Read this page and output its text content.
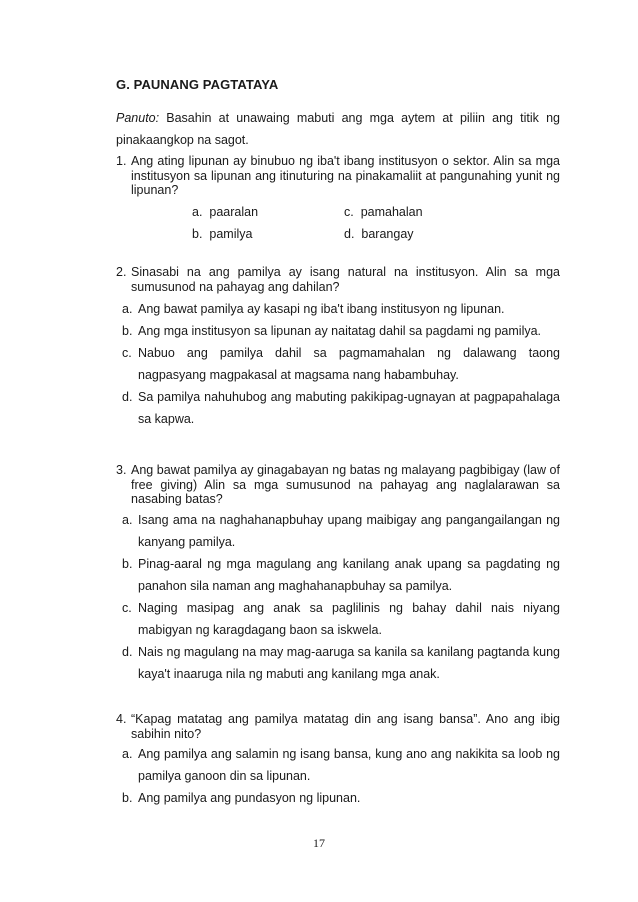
G. PAUNANG PAGTATAYA
Panuto: Basahin at unawaing mabuti ang mga aytem at piliin ang titik ng pinakaangkop na sagot.
1. Ang ating lipunan ay binubuo ng iba't ibang institusyon o sektor. Alin sa mga institusyon sa lipunan ang itinuturing na pinakamaliit at pangunahing yunit ng lipunan?
a. paaralan	c. pamahalan
b. pamilya	d. barangay
2. Sinasabi na ang pamilya ay isang natural na institusyon. Alin sa mga sumusunod na pahayag ang dahilan?
a. Ang bawat pamilya ay kasapi ng iba't ibang institusyon ng lipunan.
b. Ang mga institusyon sa lipunan ay naitatag dahil sa pagdami ng pamilya.
c. Nabuo ang pamilya dahil sa pagmamahalan ng dalawang taong nagpasyang magpakasal at magsama nang habambuhay.
d. Sa pamilya nahuhubog ang mabuting pakikipag-ugnayan at pagpapahalaga sa kapwa.
3. Ang bawat pamilya ay ginagabayan ng batas ng malayang pagbibigay (law of free giving) Alin sa mga sumusunod na pahayag ang naglalarawan sa nasabing batas?
a. Isang ama na naghahanapbuhay upang maibigay ang pangangailangan ng kanyang pamilya.
b. Pinag-aaral ng mga magulang ang kanilang anak upang sa pagdating ng panahon sila naman ang maghahanapbuhay sa pamilya.
c. Naging masipag ang anak sa paglilinis ng bahay dahil nais niyang mabigyan ng karagdagang baon sa iskwela.
d. Nais ng magulang na may mag-aaruga sa kanila sa kanilang pagtanda kung kaya't inaaruga nila ng mabuti ang kanilang mga anak.
4. “Kapag matatag ang pamilya matatag din ang isang bansa”. Ano ang ibig sabihin nito?
a. Ang pamilya ang salamin ng isang bansa, kung ano ang nakikita sa loob ng pamilya ganoon din sa lipunan.
b. Ang pamilya ang pundasyon ng lipunan.
17
